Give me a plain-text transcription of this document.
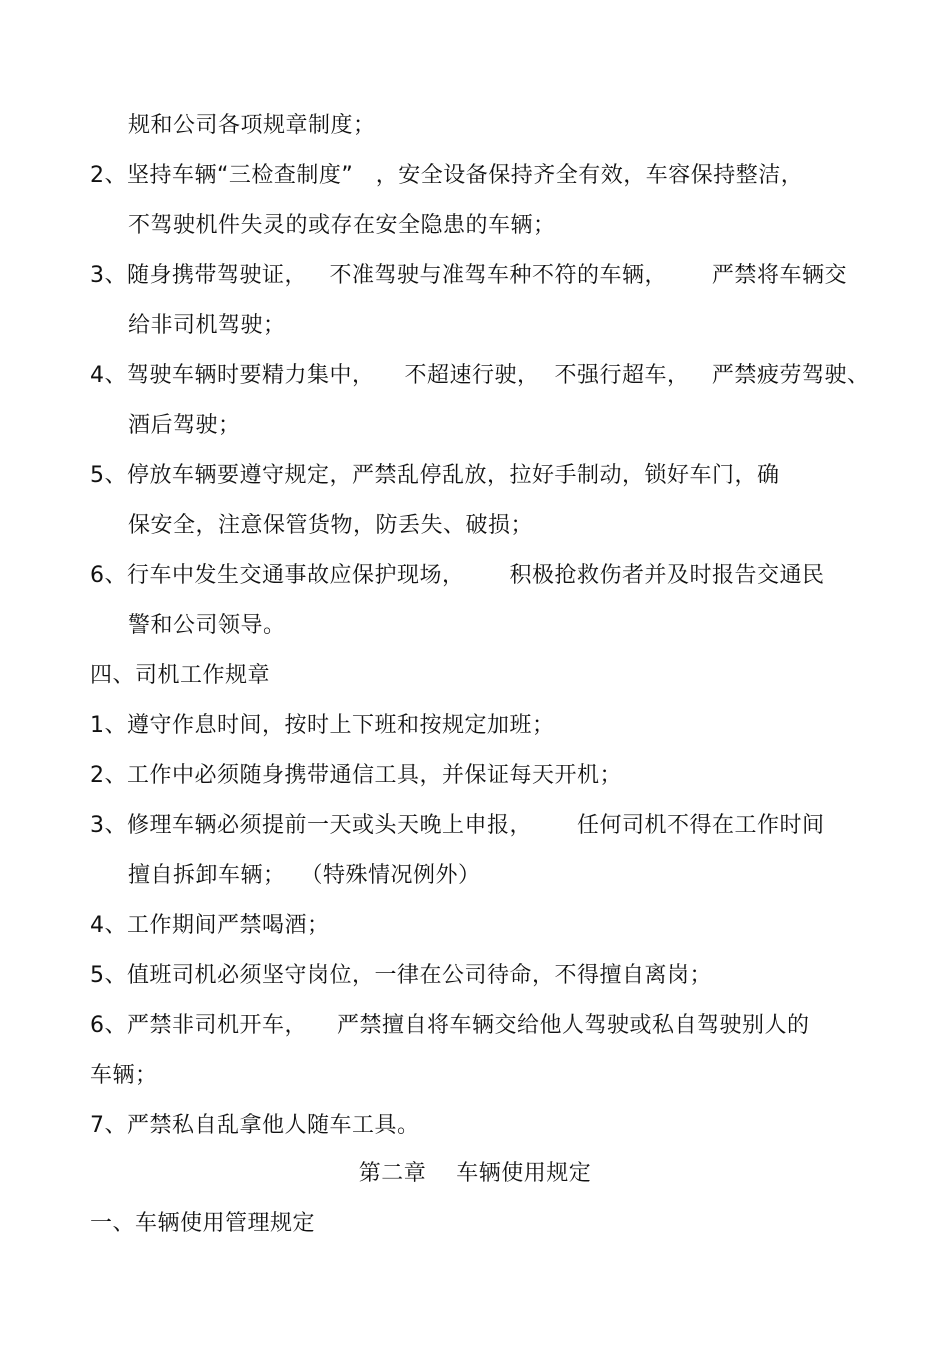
规和公司各项规章制度；
2、坚持车辆“三检查制度”   ，安全设备保持齐全有效，车容保持整洁，
不驾驶机件失灵的或存在安全隐患的车辆；
3、随身携带驾驶证，   不准驾驶与准驾车种不符的车辆，      严禁将车辆交
给非司机驾驶；
4、驾驶车辆时要精力集中，    不超速行驶，  不强行超车，   严禁疲劳驾驶、
酒后驾驶；
5、停放车辆要遵守规定，严禁乱停乱放，拉好手制动，锁好车门，确
保安全，注意保管货物，防丢失、破损；
6、行车中发生交通事故应保护现场，      积极抢救伤者并及时报告交通民
警和公司领导。
四、司机工作规章
1、遵守作息时间，按时上下班和按规定加班；
2、工作中必须随身携带通信工具，并保证每天开机；
3、修理车辆必须提前一天或头天晚上申报，      任何司机不得在工作时间
擅自拆卸车辆；  （特殊情况例外）
4、工作期间严禁喝酒；
5、值班司机必须坚守岗位，一律在公司待命，不得擅自离岗；
6、严禁非司机开车，    严禁擅自将车辆交给他人驾驶或私自驾驶别人的
车辆；
7、严禁私自乱拿他人随车工具。
第二章    车辆使用规定
一、车辆使用管理规定
